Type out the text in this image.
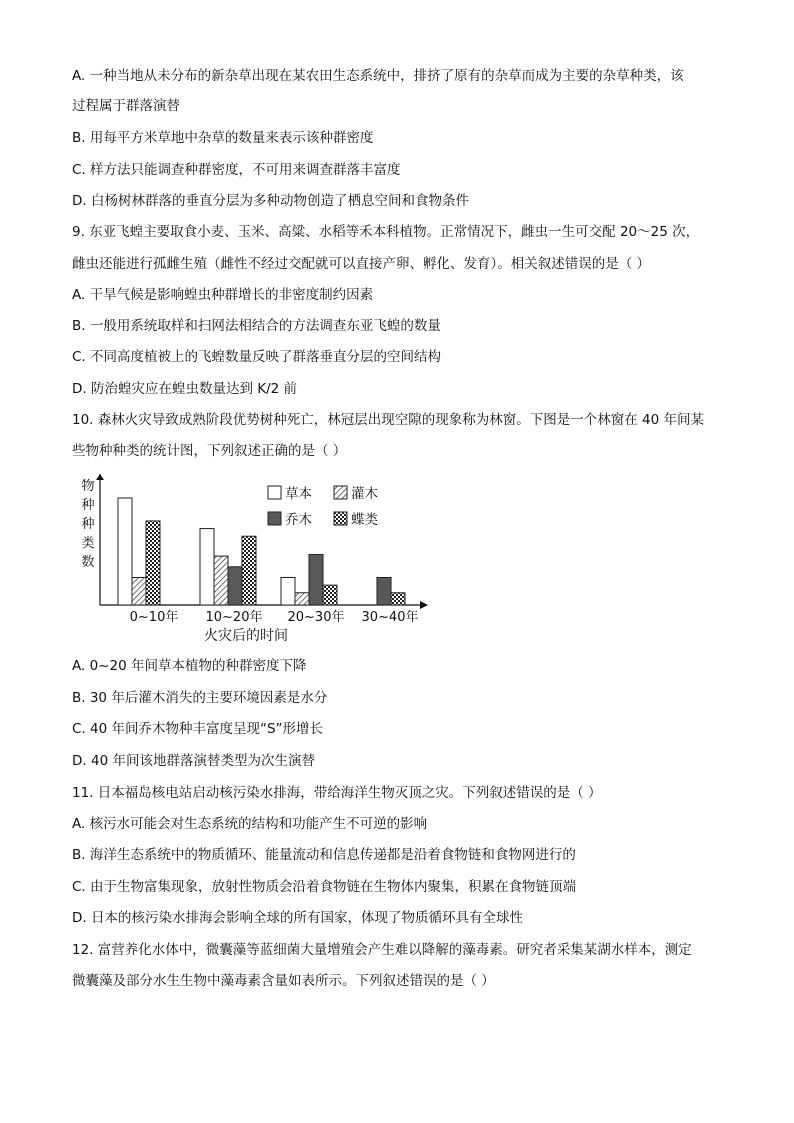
A. 一种当地从未分布的新杂草出现在某农田生态系统中，排挤了原有的杂草而成为主要的杂草种类，该
过程属于群落演替
B. 用每平方米草地中杂草的数量来表示该种群密度
C. 样方法只能调查种群密度，不可用来调查群落丰富度
D. 白杨树林群落的垂直分层为多种动物创造了栖息空间和食物条件
9. 东亚飞蝗主要取食小麦、玉米、高粱、水稻等禾本科植物。正常情况下，雌虫一生可交配 20～25 次，
雌虫还能进行孤雌生殖（雌性不经过交配就可以直接产卵、孵化、发育）。相关叙述错误的是（ ）
A. 干旱气候是影响蝗虫种群增长的非密度制约因素
B. 一般用系统取样和扫网法相结合的方法调查东亚飞蝗的数量
C. 不同高度植被上的飞蝗数量反映了群落垂直分层的空间结构
D. 防治蝗灾应在蝗虫数量达到 K/2 前
10. 森林火灾导致成熟阶段优势树种死亡，林冠层出现空隙的现象称为林窗。下图是一个林窗在 40 年间某
些物种种类的统计图，下列叙述正确的是（ ）
A. 0~20 年间草本植物的种群密度下降
B. 30 年后灌木消失的主要环境因素是水分
C. 40 年间乔木物种丰富度呈现“S”形增长
D. 40 年间该地群落演替类型为次生演替
11. 日本福岛核电站启动核污染水排海，带给海洋生物灭顶之灾。下列叙述错误的是（ ）
A. 核污水可能会对生态系统的结构和功能产生不可逆的影响
B. 海洋生态系统中的物质循环、能量流动和信息传递都是沿着食物链和食物网进行的
C. 由于生物富集现象，放射性物质会沿着食物链在生物体内聚集，积累在食物链顶端
D. 日本的核污染水排海会影响全球的所有国家，体现了物质循环具有全球性
12. 富营养化水体中，微囊藻等蓝细菌大量增殖会产生难以降解的藻毒素。研究者采集某湖水样本，测定
微囊藻及部分水生生物中藻毒素含量如表所示。下列叙述错误的是（ ）
物
种
种
类
数
0~10年 10~20年 20~30年 30~40年
火灾后的时间
草本	灌木
乔木	蝶类
